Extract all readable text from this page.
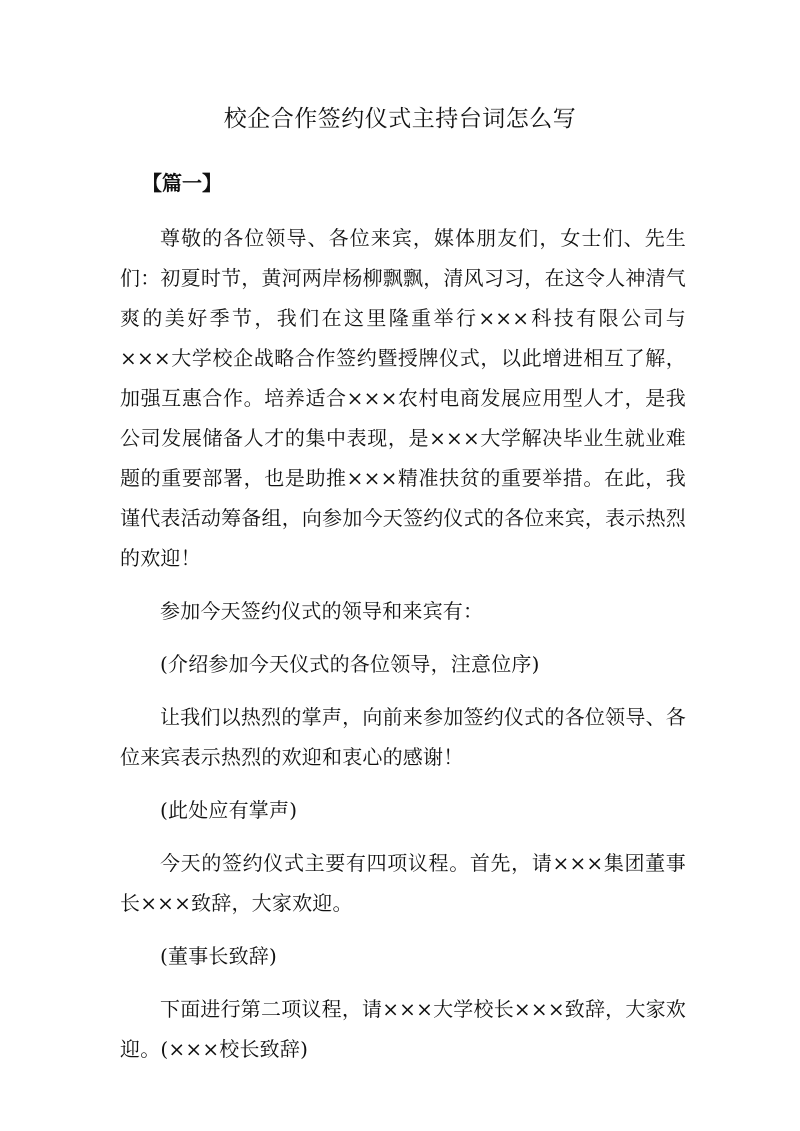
校企合作签约仪式主持台词怎么写
【篇一】

尊敬的各位领导、各位来宾，媒体朋友们，女士们、先生们：初夏时节，黄河两岸杨柳飘飘，清风习习，在这令人神清气爽的美好季节，我们在这里隆重举行×××科技有限公司与×××大学校企战略合作签约暨授牌仪式，以此增进相互了解，加强互惠合作。培养适合×××农村电商发展应用型人才，是我公司发展储备人才的集中表现，是×××大学解决毕业生就业难题的重要部署，也是助推×××精准扶贫的重要举措。在此，我谨代表活动筹备组，向参加今天签约仪式的各位来宾，表示热烈的欢迎！

参加今天签约仪式的领导和来宾有：

(介绍参加今天仪式的各位领导，注意位序)

让我们以热烈的掌声，向前来参加签约仪式的各位领导、各位来宾表示热烈的欢迎和衷心的感谢！

(此处应有掌声)

今天的签约仪式主要有四项议程。首先，请×××集团董事长×××致辞，大家欢迎。

(董事长致辞)

下面进行第二项议程，请×××大学校长×××致辞，大家欢迎。(×××校长致辞)
